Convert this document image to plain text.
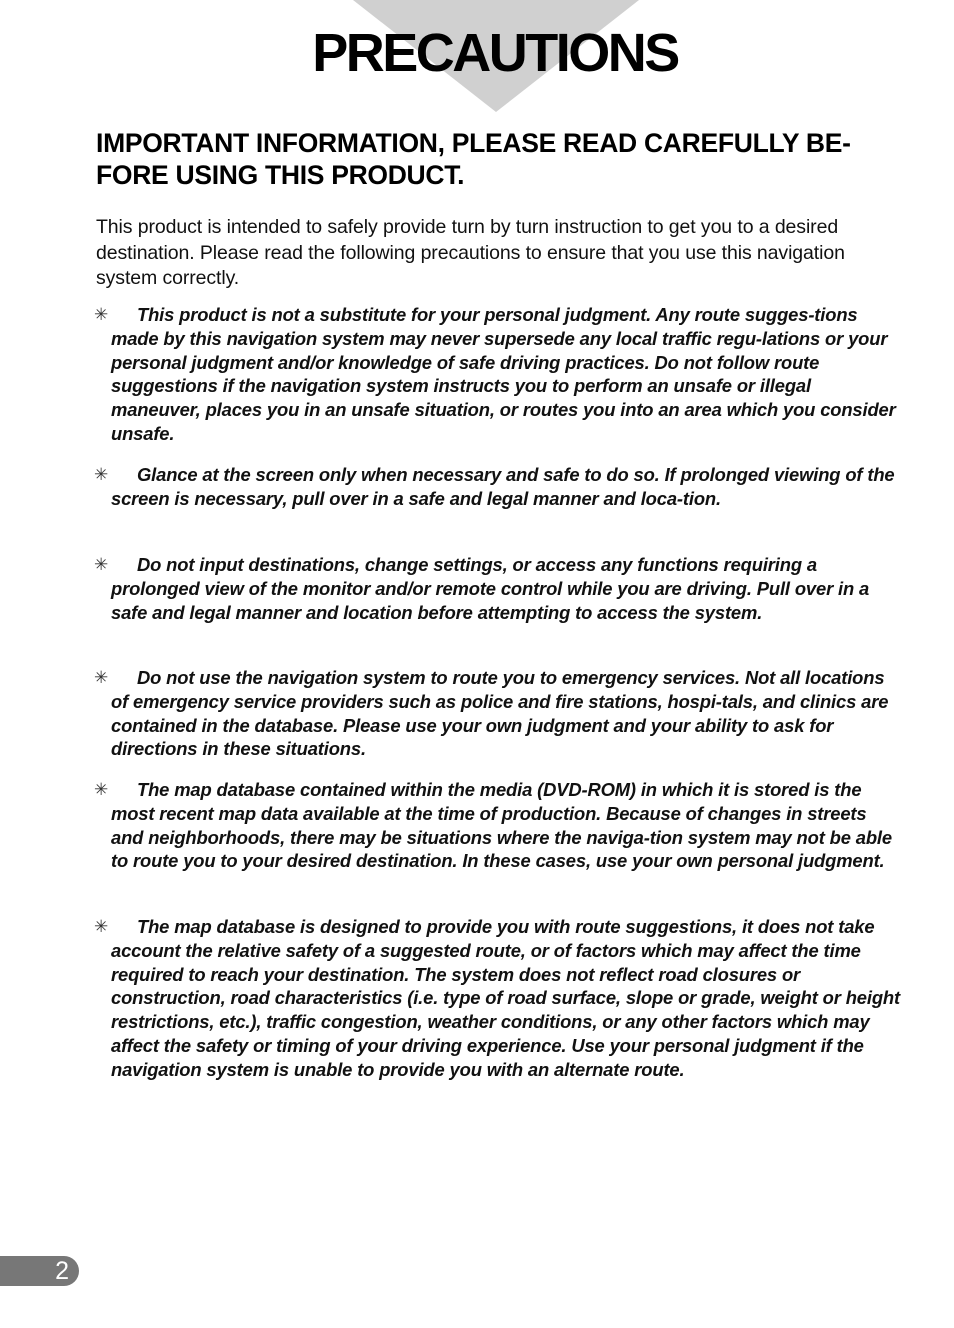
PRECAUTIONS
IMPORTANT INFORMATION, PLEASE READ CAREFULLY BE-FORE USING THIS PRODUCT.

This product is intended to safely provide turn by turn instruction to get you to a desired destination. Please read the following precautions to ensure that you use this navigation system correctly.

✳	This product is not a substitute for your personal judgment. Any route sugges-tions made by this navigation system may never supersede any local traffic regu-lations or your personal judgment and/or knowledge of safe driving practices. Do not follow route suggestions if the navigation system instructs you to perform an unsafe or illegal maneuver, places you in an unsafe situation, or routes you into an area which you consider unsafe.
✳	Glance at the screen only when necessary and safe to do so. If prolonged viewing of the screen is necessary, pull over in a safe and legal manner and loca-tion.
✳	Do not input destinations, change settings, or access any functions requiring a prolonged view of the monitor and/or remote control while you are driving. Pull over in a safe and legal manner and location before attempting to access the system.
✳	Do not use the navigation system to route you to emergency services. Not all locations of emergency service providers such as police and fire stations, hospi-tals, and clinics are contained in the database. Please use your own judgment and your ability to ask for directions in these situations.
✳	The map database contained within the media (DVD-ROM) in which it is stored is the most recent map data available at the time of production. Because of changes in streets and neighborhoods, there may be situations where the naviga-tion system may not be able to route you to your desired destination. In these cases, use your own personal judgment.
✳	The map database is designed to provide you with route suggestions, it does not take account the relative safety of a suggested route, or of factors which may affect the time required to reach your destination. The system does not reflect road closures or construction, road characteristics (i.e. type of road surface, slope or grade, weight or height restrictions, etc.), traffic congestion, weather conditions, or any other factors which may affect the safety or timing of your driving experience. Use your personal judgment if the navigation system is unable to provide you with an alternate route.
2
